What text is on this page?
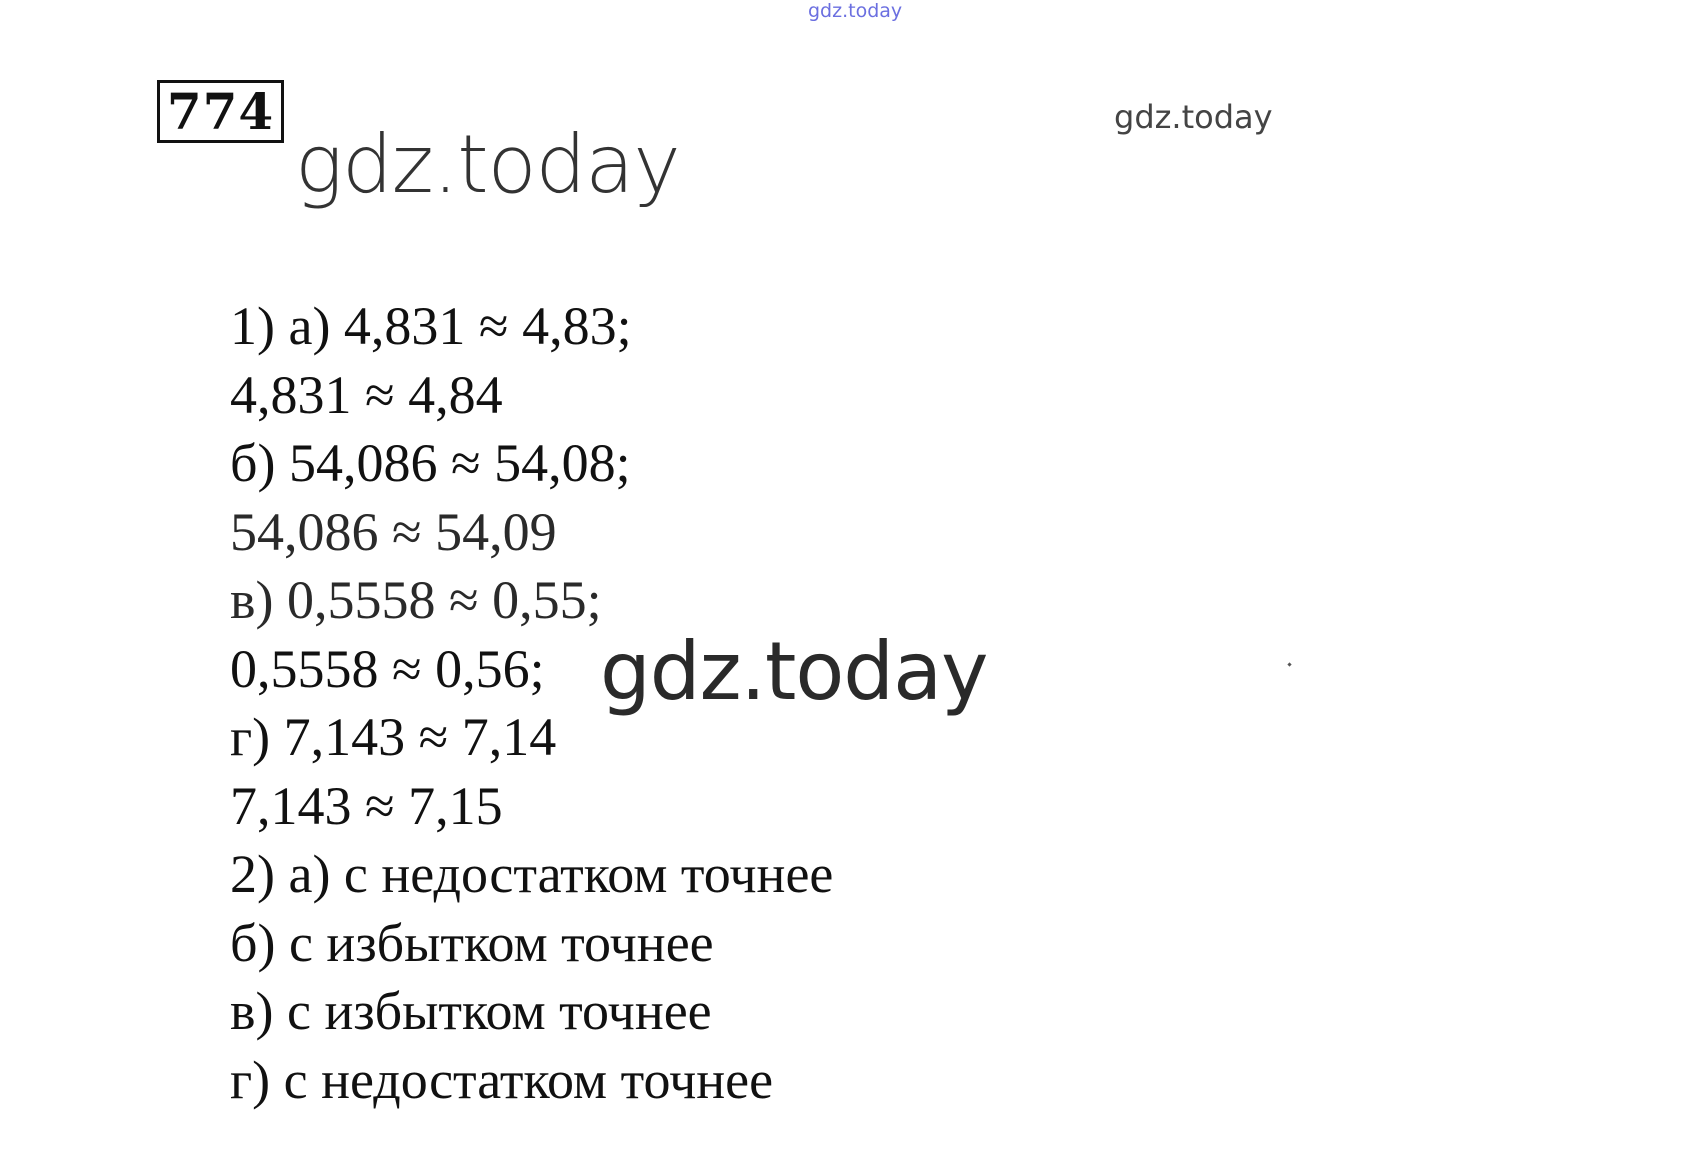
gdz.today
774
gdz.today
gdz.today
1) а) 4,831 ≈ 4,83;
4,831 ≈ 4,84
б) 54,086 ≈ 54,08;
54,086 ≈ 54,09
в) 0,5558 ≈ 0,55;
0,5558 ≈ 0,56;
г) 7,143 ≈ 7,14
7,143 ≈ 7,15
2) а) с недостатком точнее
б) с избытком точнее
в) с избытком точнее
г) с недостатком точнее
gdz.today
